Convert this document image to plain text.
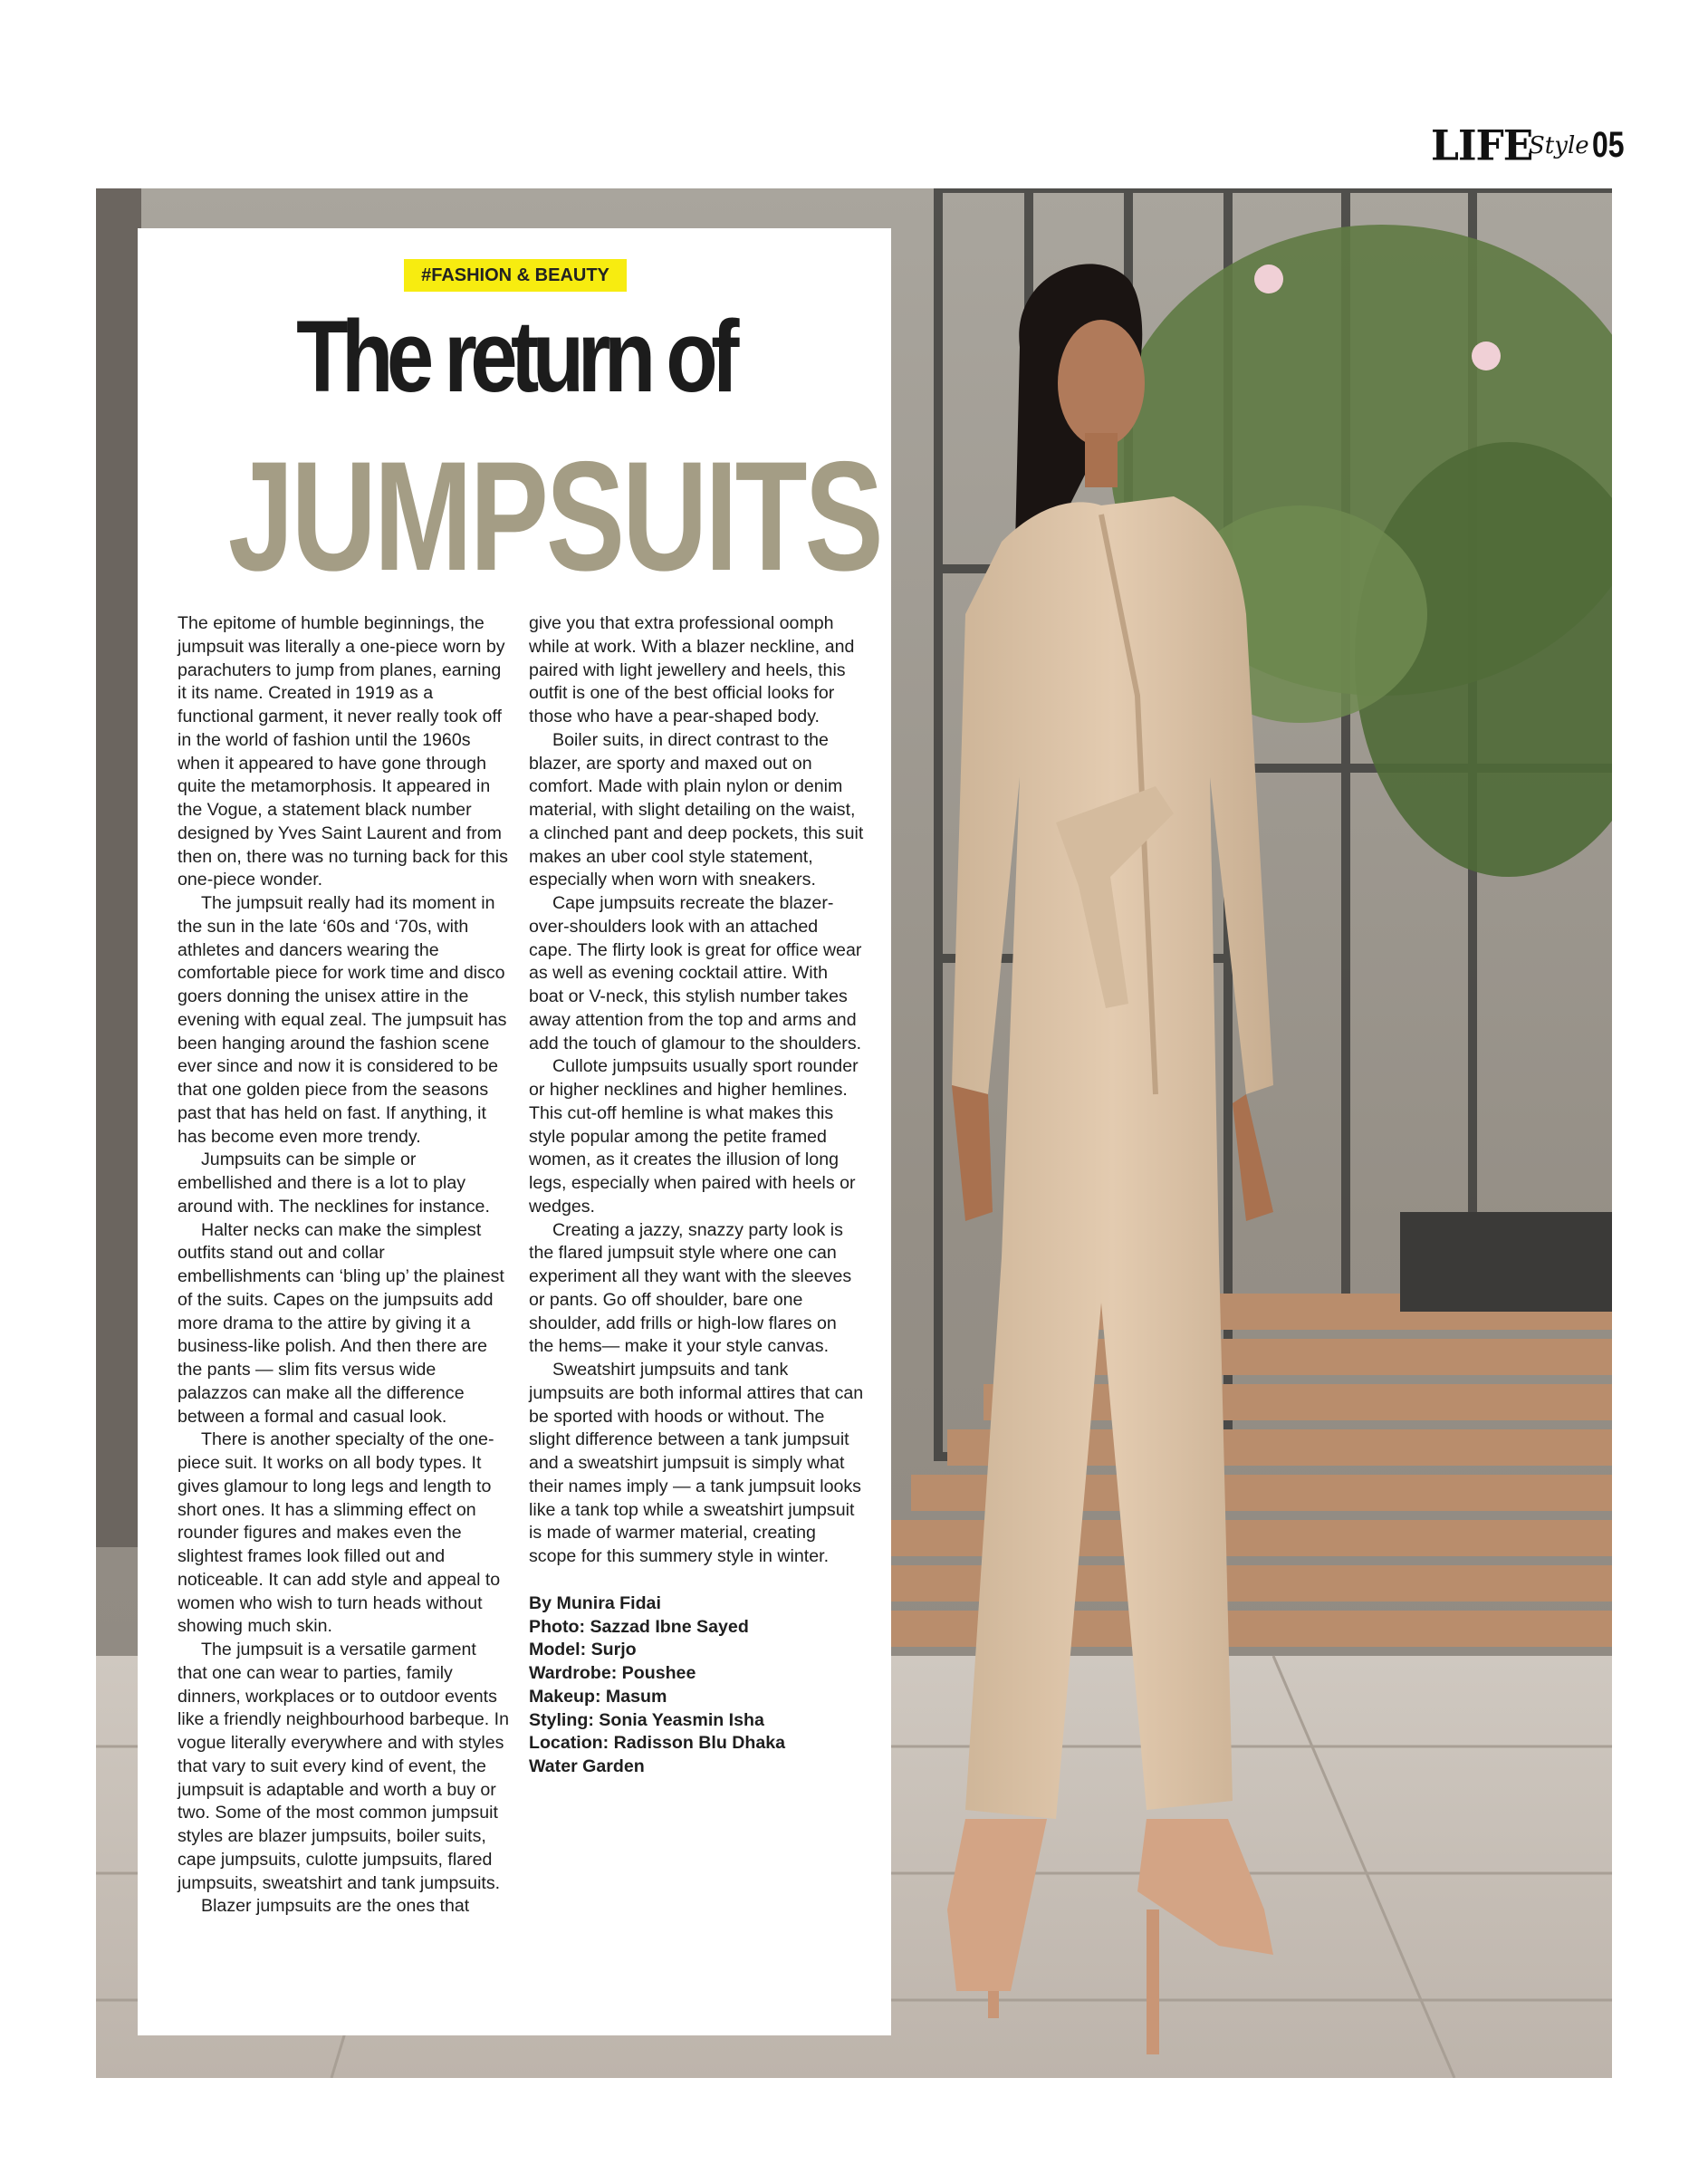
LIFE
Style 05
#FASHION & BEAUTY
The return of
JUMPSUITS

The epitome of humble beginnings, the jumpsuit was literally a one-piece worn by parachuters to jump from planes, earning it its name. Created in 1919 as a functional garment, it never really took off in the world of fashion until the 1960s when it appeared to have gone through quite the metamorphosis. It appeared in the Vogue, a statement black number designed by Yves Saint Laurent and from then on, there was no turning back for this one-piece wonder.

The jumpsuit really had its moment in the sun in the late ‘60s and ‘70s, with athletes and dancers wearing the comfortable piece for work time and disco goers donning the unisex attire in the evening with equal zeal. The jumpsuit has been hanging around the fashion scene ever since and now it is considered to be that one golden piece from the seasons past that has held on fast. If anything, it has become even more trendy.

Jumpsuits can be simple or embellished and there is a lot to play around with. The necklines for instance.

Halter necks can make the simplest outfits stand out and collar embellishments can ‘bling up’ the plainest of the suits. Capes on the jumpsuits add more drama to the attire by giving it a business-like polish. And then there are the pants — slim fits versus wide palazzos can make all the difference between a formal and casual look.

There is another specialty of the one-piece suit. It works on all body types. It gives glamour to long legs and length to short ones. It has a slimming effect on rounder figures and makes even the slightest frames look filled out and noticeable. It can add style and appeal to women who wish to turn heads without showing much skin.

The jumpsuit is a versatile garment that one can wear to parties, family dinners, workplaces or to outdoor events like a friendly neighbourhood barbeque. In vogue literally everywhere and with styles that vary to suit every kind of event, the jumpsuit is adaptable and worth a buy or two. Some of the most common jumpsuit styles are blazer jumpsuits, boiler suits, cape jumpsuits, culotte jumpsuits, flared jumpsuits, sweatshirt and tank jumpsuits.

Blazer jumpsuits are the ones that

give you that extra professional oomph while at work. With a blazer neckline, and paired with light jewellery and heels, this outfit is one of the best official looks for those who have a pear-shaped body.

Boiler suits, in direct contrast to the blazer, are sporty and maxed out on comfort. Made with plain nylon or denim material, with slight detailing on the waist, a clinched pant and deep pockets, this suit makes an uber cool style statement, especially when worn with sneakers.

Cape jumpsuits recreate the blazer-over-shoulders look with an attached cape. The flirty look is great for office wear as well as evening cocktail attire. With boat or V-neck, this stylish number takes away attention from the top and arms and add the touch of glamour to the shoulders.

Cullote jumpsuits usually sport rounder or higher necklines and higher hemlines. This cut-off hemline is what makes this style popular among the petite framed women, as it creates the illusion of long legs, especially when paired with heels or wedges.

Creating a jazzy, snazzy party look is the flared jumpsuit style where one can experiment all they want with the sleeves or pants. Go off shoulder, bare one shoulder, add frills or high-low flares on the hems— make it your style canvas.

Sweatshirt jumpsuits and tank jumpsuits are both informal attires that can be sported with hoods or without. The slight difference between a tank jumpsuit and a sweatshirt jumpsuit is simply what their names imply — a tank jumpsuit looks like a tank top while a sweatshirt jumpsuit is made of warmer material, creating scope for this summery style in winter.

By Munira Fidai
Photo: Sazzad Ibne Sayed
Model: Surjo
Wardrobe: Poushee
Makeup: Masum
Styling: Sonia Yeasmin Isha
Location: Radisson Blu Dhaka
Water Garden
